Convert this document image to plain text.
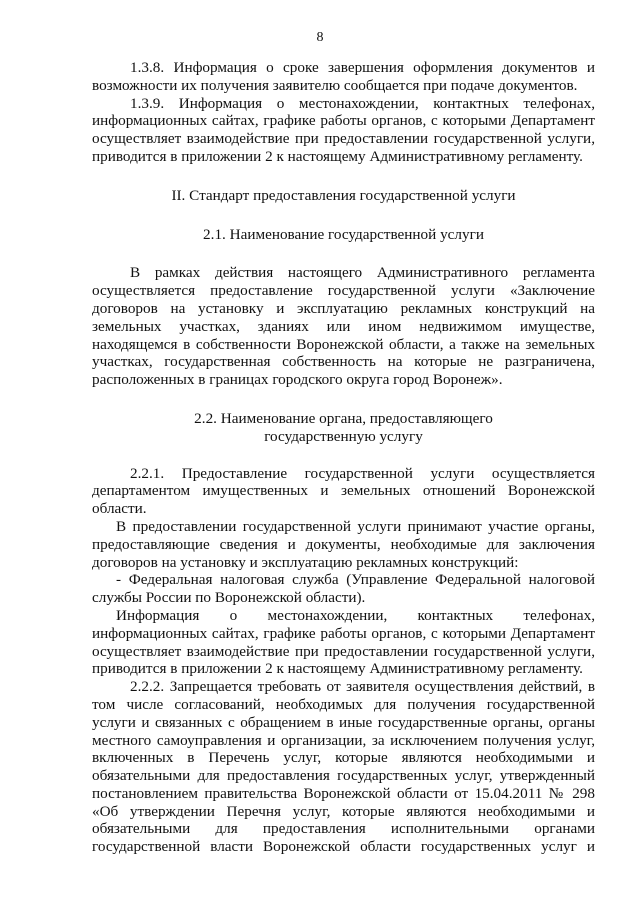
8
1.3.8. Информация о сроке завершения оформления документов и
возможности их получения заявителю сообщается при подаче документов.
1.3.9. Информация о местонахождении, контактных телефонах,
информационных сайтах, графике работы органов, с которыми Департамент
осуществляет взаимодействие при предоставлении государственной услуги,
приводится в приложении 2 к настоящему Административному регламенту.
II. Стандарт предоставления государственной услуги
2.1. Наименование государственной услуги
В рамках действия настоящего Административного регламента
осуществляется предоставление государственной услуги «Заключение
договоров на установку и эксплуатацию рекламных конструкций на
земельных участках, зданиях или ином недвижимом имуществе,
находящемся в собственности Воронежской области, а также на земельных
участках, государственная собственность на которые не разграничена,
расположенных в границах городского округа город Воронеж».
2.2. Наименование органа, предоставляющего
государственную услугу
2.2.1. Предоставление государственной услуги осуществляется
департаментом имущественных и земельных отношений Воронежской
области.
В предоставлении государственной услуги принимают участие органы,
предоставляющие сведения и документы, необходимые для заключения
договоров на установку и эксплуатацию рекламных конструкций:
- Федеральная налоговая служба (Управление Федеральной налоговой
службы России по Воронежской области).
Информация о местонахождении, контактных телефонах,
информационных сайтах, графике работы органов, с которыми Департамент
осуществляет взаимодействие при предоставлении государственной услуги,
приводится в приложении 2 к настоящему Административному регламенту.
2.2.2. Запрещается требовать от заявителя осуществления действий, в
том числе согласований, необходимых для получения государственной
услуги и связанных с обращением в иные государственные органы, органы
местного самоуправления и организации, за исключением получения услуг,
включенных в Перечень услуг, которые являются необходимыми и
обязательными для предоставления государственных услуг, утвержденный
постановлением правительства Воронежской области от 15.04.2011 № 298
«Об утверждении Перечня услуг, которые являются необходимыми и
обязательными для предоставления исполнительными органами
государственной власти Воронежской области государственных услуг и
